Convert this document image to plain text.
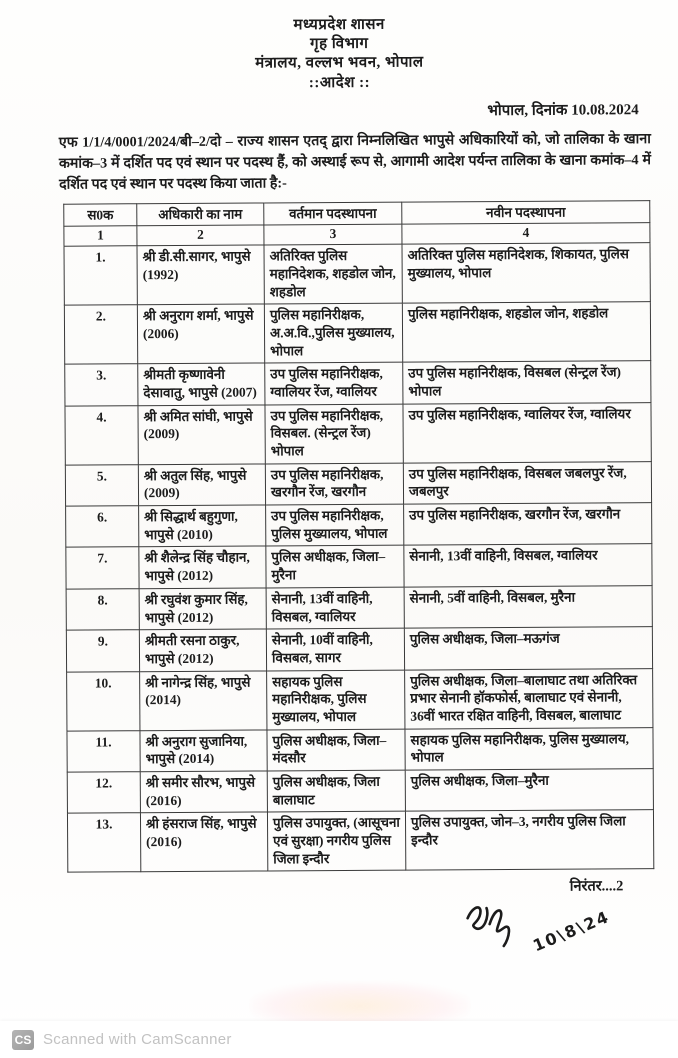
मध्यप्रदेश शासन
गृह विभाग
मंत्रालय, वल्लभ भवन, भोपाल
::आदेश ::
भोपाल, दिनांक 10.08.2024

एफ 1/1/4/0001/2024/बी–2/दो – राज्य शासन एतद् द्वारा निम्नलिखित भापुसे अधिकारियों को, जो तालिका के खाना कमांक–3 में दर्शित पद एवं स्थान पर पदस्थ हैं, को अस्थाई रूप से, आगामी आदेश पर्यन्त तालिका के खाना कमांक–4 में दर्शित पद एवं स्थान पर पदस्थ किया जाता है:-

स0क	अधिकारी का नाम	वर्तमान पदस्थापना	नवीन पदस्थापना
1	2	3	4
1.	श्री डी.सी.सागर, भापुसे (1992)	अतिरिक्त पुलिस महानिदेशक, शहडोल जोन, शहडोल	अतिरिक्त पुलिस महानिदेशक, शिकायत, पुलिस मुख्यालय, भोपाल
2.	श्री अनुराग शर्मा, भापुसे (2006)	पुलिस महानिरीक्षक, अ.अ.वि.,पुलिस मुख्यालय, भोपाल	पुलिस महानिरीक्षक, शहडोल जोन, शहडोल
3.	श्रीमती कृष्णावेनी देसावातु, भापुसे (2007)	उप पुलिस महानिरीक्षक, ग्वालियर रेंज, ग्वालियर	उप पुलिस महानिरीक्षक, विसबल (सेन्ट्रल रेंज) भोपाल
4.	श्री अमित सांघी, भापुसे (2009)	उप पुलिस महानिरीक्षक, विसबल. (सेन्ट्रल रेंज) भोपाल	उप पुलिस महानिरीक्षक, ग्वालियर रेंज, ग्वालियर
5.	श्री अतुल सिंह, भापुसे (2009)	उप पुलिस महानिरीक्षक, खरगौन रेंज, खरगौन	उप पुलिस महानिरीक्षक, विसबल जबलपुर रेंज, जबलपुर
6.	श्री सिद्धार्थ बहुगुणा, भापुसे (2010)	उप पुलिस महानिरीक्षक, पुलिस मुख्यालय, भोपाल	उप पुलिस महानिरीक्षक, खरगौन रेंज, खरगौन
7.	श्री शैलेन्द्र सिंह चौहान, भापुसे (2012)	पुलिस अधीक्षक, जिला–मुरैना	सेनानी, 13वीं वाहिनी, विसबल, ग्वालियर
8.	श्री रघुवंश कुमार सिंह, भापुसे (2012)	सेनानी, 13वीं वाहिनी, विसबल, ग्वालियर	सेनानी, 5वीं वाहिनी, विसबल, मुरैना
9.	श्रीमती रसना ठाकुर, भापुसे (2012)	सेनानी, 10वीं वाहिनी, विसबल, सागर	पुलिस अधीक्षक, जिला–मऊगंज
10.	श्री नागेन्द्र सिंह, भापुसे (2014)	सहायक पुलिस महानिरीक्षक, पुलिस मुख्यालय, भोपाल	पुलिस अधीक्षक, जिला–बालाघाट तथा अतिरिक्त प्रभार सेनानी हॉकफोर्स, बालाघाट एवं सेनानी, 36वीं भारत रक्षित वाहिनी, विसबल, बालाघाट
11.	श्री अनुराग सुजानिया, भापुसे (2014)	पुलिस अधीक्षक, जिला–मंदसौर	सहायक पुलिस महानिरीक्षक, पुलिस मुख्यालय, भोपाल
12.	श्री समीर सौरभ, भापुसे (2016)	पुलिस अधीक्षक, जिला बालाघाट	पुलिस अधीक्षक, जिला–मुरैना
13.	श्री हंसराज सिंह, भापुसे (2016)	पुलिस उपायुक्त, (आसूचना एवं सुरक्षा) नगरीय पुलिस जिला इन्दौर	पुलिस उपायुक्त, जोन–3, नगरीय पुलिस जिला इन्दौर
निरंतर....2
10\8\24
CS Scanned with CamScanner
